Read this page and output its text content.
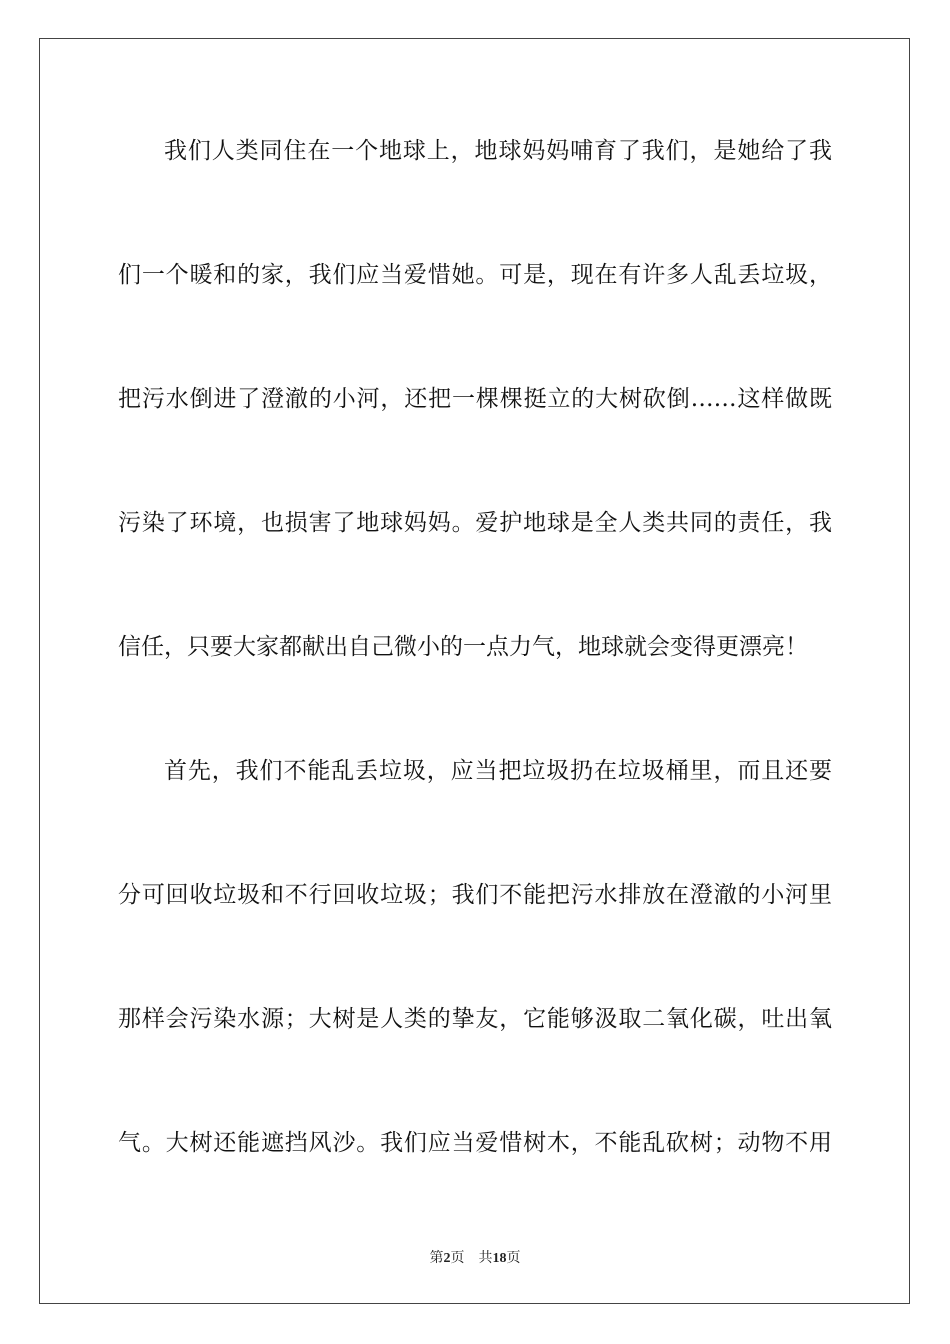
我们人类同住在一个地球上，地球妈妈哺育了我们，是她给了我
们一个暖和的家，我们应当爱惜她。可是，现在有许多人乱丢垃圾，
把污水倒进了澄澈的小河，还把一棵棵挺立的大树砍倒……这样做既
污染了环境，也损害了地球妈妈。爱护地球是全人类共同的责任，我
信任，只要大家都献出自己微小的一点力气，地球就会变得更漂亮！
首先，我们不能乱丢垃圾，应当把垃圾扔在垃圾桶里，而且还要
分可回收垃圾和不行回收垃圾；我们不能把污水排放在澄澈的小河里
那样会污染水源；大树是人类的挚友，它能够汲取二氧化碳，吐出氧
气。大树还能遮挡风沙。我们应当爱惜树木，不能乱砍树；动物不用
第2页 共18页
